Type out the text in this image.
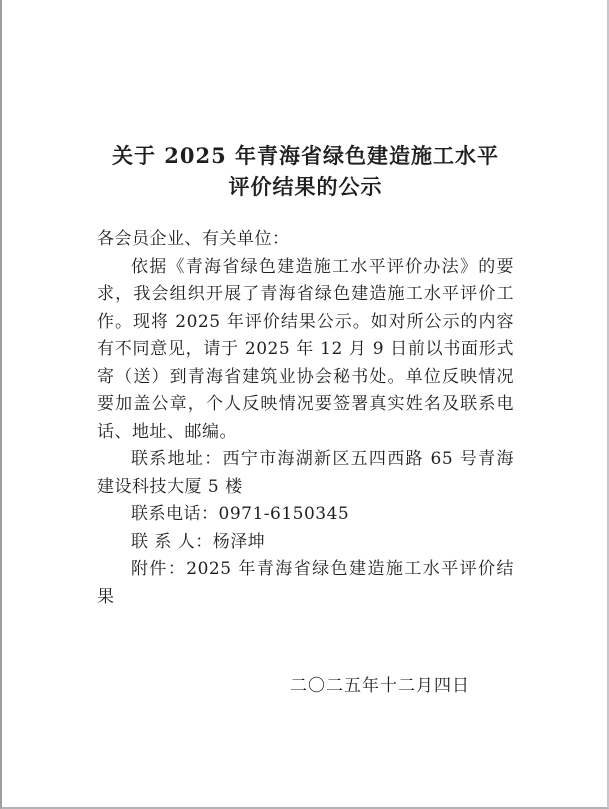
关于 2025 年青海省绿色建造施工水平
评价结果的公示

各会员企业、有关单位：

依据《青海省绿色建造施工水平评价办法》的要求，我会组织开展了青海省绿色建造施工水平评价工作。现将 2025 年评价结果公示。如对所公示的内容有不同意见，请于 2025 年 12 月 9 日前以书面形式寄（送）到青海省建筑业协会秘书处。单位反映情况要加盖公章，个人反映情况要签署真实姓名及联系电话、地址、邮编。

联系地址：西宁市海湖新区五四西路 65 号青海建设科技大厦 5 楼

联系电话：0971-6150345

联 系 人：杨泽坤

附件：2025 年青海省绿色建造施工水平评价结果

二〇二五年十二月四日
